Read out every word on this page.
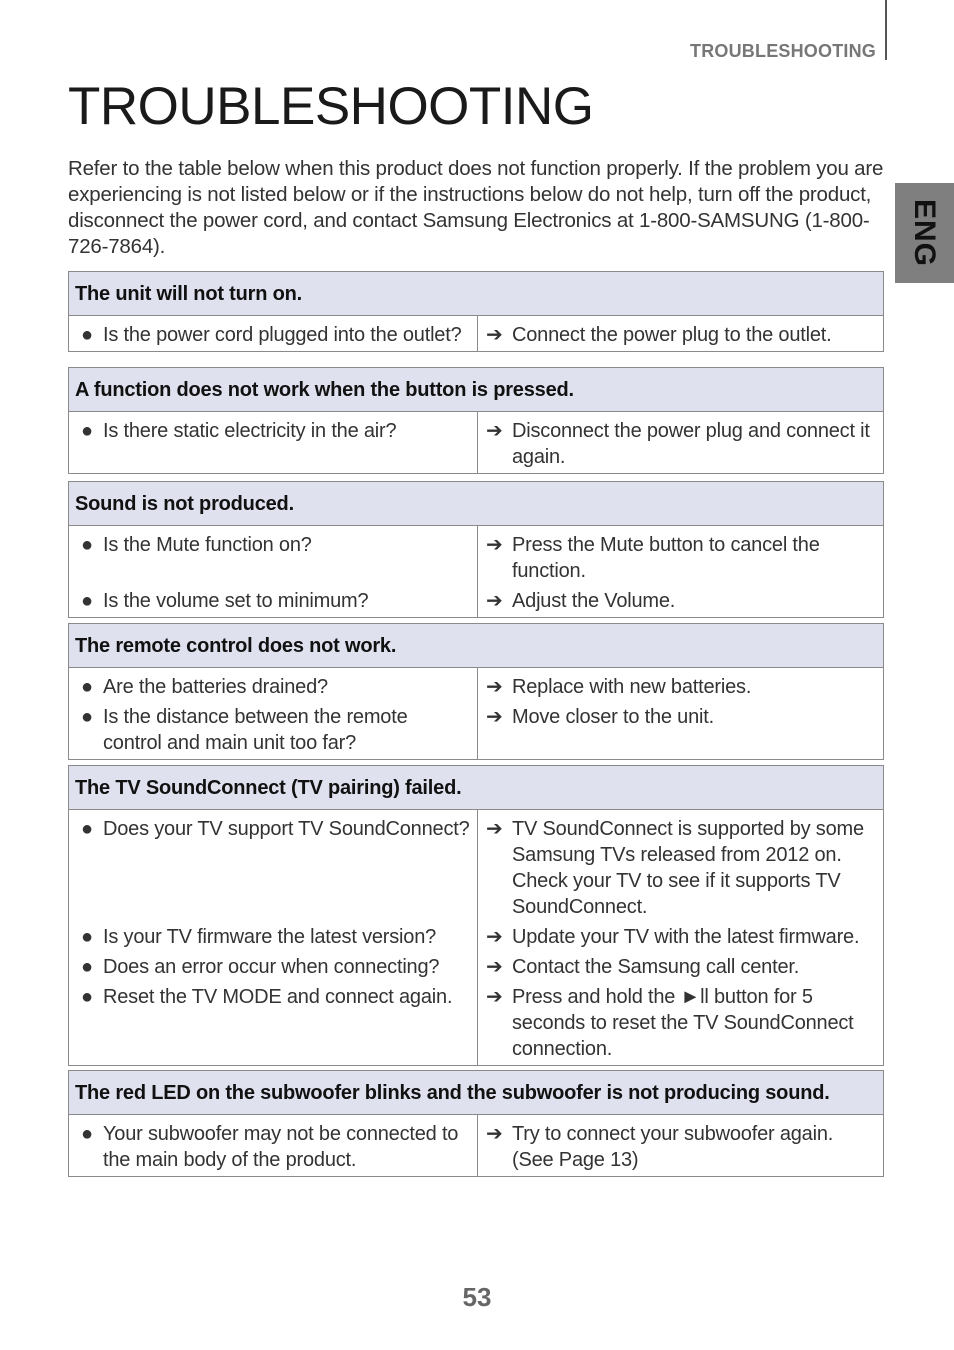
TROUBLESHOOTING
ENG
TROUBLESHOOTING

Refer to the table below when this product does not function properly. If the problem you are experiencing is not listed below or if the instructions below do not help, turn off the product, disconnect the power cord, and contact Samsung Electronics at 1-800-SAMSUNG (1-800-726-7864).

The unit will not turn on.
● Is the power cord plugged into the outlet?	➔ Connect the power plug to the outlet.
A function does not work when the button is pressed.
● Is there static electricity in the air?	➔ Disconnect the power plug and connect it again.
Sound is not produced.
● Is the Mute function on?
● Is the volume set to minimum?
➔ Press the Mute button to cancel the function.
➔ Adjust the Volume.
The remote control does not work.
● Are the batteries drained?
● Is the distance between the remote control and main unit too far?
➔ Replace with new batteries.
➔ Move closer to the unit.
The TV SoundConnect (TV pairing) failed.
● Does your TV support TV SoundConnect?
● Is your TV firmware the latest version?
● Does an error occur when connecting?
● Reset the TV MODE and connect again.
➔ TV SoundConnect is supported by some Samsung TVs released from 2012 on. Check your TV to see if it supports TV SoundConnect.
➔ Update your TV with the latest firmware.
➔ Contact the Samsung call center.
➔ Press and hold the ►ll button for 5 seconds to reset the TV SoundConnect connection.
The red LED on the subwoofer blinks and the subwoofer is not producing sound.
● Your subwoofer may not be connected to the main body of the product.
➔ Try to connect your subwoofer again. (See Page 13)
53
